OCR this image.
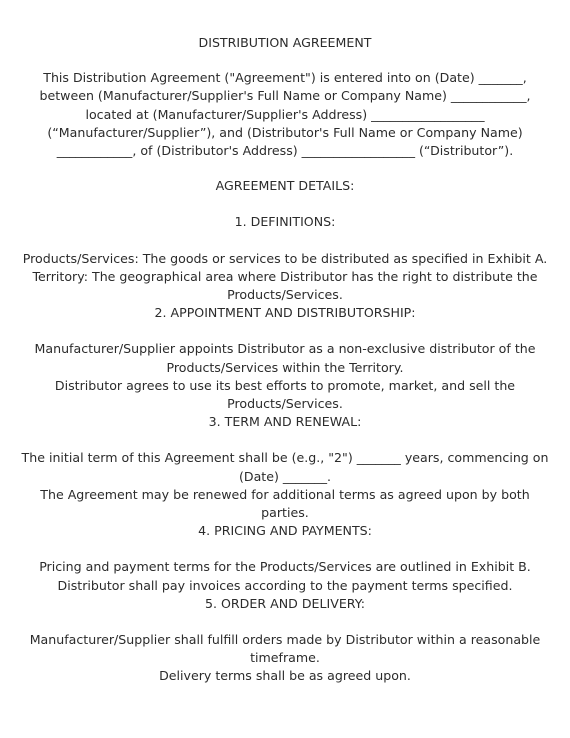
DISTRIBUTION AGREEMENT
This Distribution Agreement ("Agreement") is entered into on (Date) _______,
between (Manufacturer/Supplier's Full Name or Company Name) ____________,
located at (Manufacturer/Supplier's Address) __________________
(“Manufacturer/Supplier”), and (Distributor's Full Name or Company Name)
____________, of (Distributor's Address) __________________ (“Distributor”).

AGREEMENT DETAILS:

1. DEFINITIONS:

Products/Services: The goods or services to be distributed as specified in Exhibit A.
Territory: The geographical area where Distributor has the right to distribute the
Products/Services.

2. APPOINTMENT AND DISTRIBUTORSHIP:

Manufacturer/Supplier appoints Distributor as a non-exclusive distributor of the
Products/Services within the Territory.
Distributor agrees to use its best efforts to promote, market, and sell the
Products/Services.

3. TERM AND RENEWAL:

The initial term of this Agreement shall be (e.g., "2") _______ years, commencing on
(Date) _______.
The Agreement may be renewed for additional terms as agreed upon by both
parties.

4. PRICING AND PAYMENTS:

Pricing and payment terms for the Products/Services are outlined in Exhibit B.
Distributor shall pay invoices according to the payment terms specified.

5. ORDER AND DELIVERY:

Manufacturer/Supplier shall fulfill orders made by Distributor within a reasonable
timeframe.
Delivery terms shall be as agreed upon.
